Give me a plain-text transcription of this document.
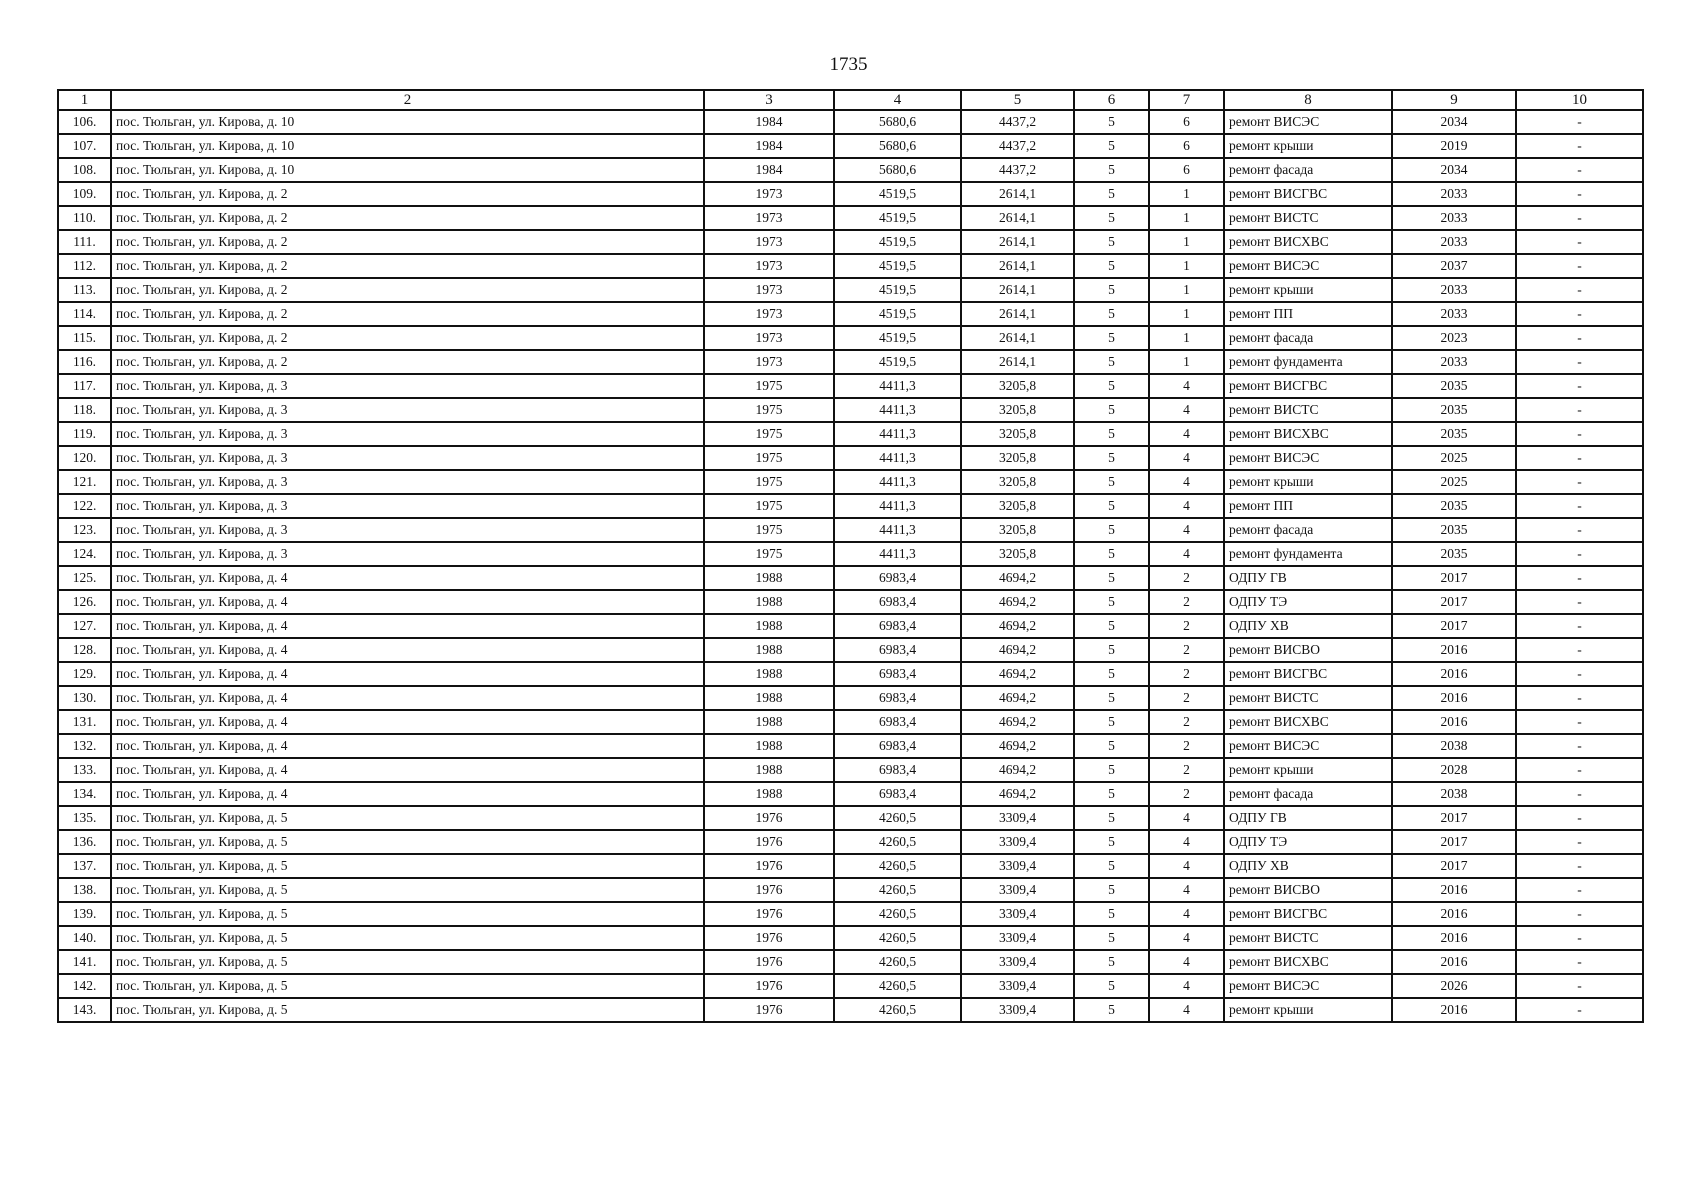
1735
1	2	3	4	5	6	7	8	9	10
106.	пос. Тюльган, ул. Кирова, д. 10	1984	5680,6	4437,2	5	6	ремонт ВИСЭС	2034	-
107.	пос. Тюльган, ул. Кирова, д. 10	1984	5680,6	4437,2	5	6	ремонт крыши	2019	-
108.	пос. Тюльган, ул. Кирова, д. 10	1984	5680,6	4437,2	5	6	ремонт фасада	2034	-
109.	пос. Тюльган, ул. Кирова, д. 2	1973	4519,5	2614,1	5	1	ремонт ВИСГВС	2033	-
110.	пос. Тюльган, ул. Кирова, д. 2	1973	4519,5	2614,1	5	1	ремонт ВИСТС	2033	-
111.	пос. Тюльган, ул. Кирова, д. 2	1973	4519,5	2614,1	5	1	ремонт ВИСХВС	2033	-
112.	пос. Тюльган, ул. Кирова, д. 2	1973	4519,5	2614,1	5	1	ремонт ВИСЭС	2037	-
113.	пос. Тюльган, ул. Кирова, д. 2	1973	4519,5	2614,1	5	1	ремонт крыши	2033	-
114.	пос. Тюльган, ул. Кирова, д. 2	1973	4519,5	2614,1	5	1	ремонт ПП	2033	-
115.	пос. Тюльган, ул. Кирова, д. 2	1973	4519,5	2614,1	5	1	ремонт фасада	2023	-
116.	пос. Тюльган, ул. Кирова, д. 2	1973	4519,5	2614,1	5	1	ремонт фундамента	2033	-
117.	пос. Тюльган, ул. Кирова, д. 3	1975	4411,3	3205,8	5	4	ремонт ВИСГВС	2035	-
118.	пос. Тюльган, ул. Кирова, д. 3	1975	4411,3	3205,8	5	4	ремонт ВИСТС	2035	-
119.	пос. Тюльган, ул. Кирова, д. 3	1975	4411,3	3205,8	5	4	ремонт ВИСХВС	2035	-
120.	пос. Тюльган, ул. Кирова, д. 3	1975	4411,3	3205,8	5	4	ремонт ВИСЭС	2025	-
121.	пос. Тюльган, ул. Кирова, д. 3	1975	4411,3	3205,8	5	4	ремонт крыши	2025	-
122.	пос. Тюльган, ул. Кирова, д. 3	1975	4411,3	3205,8	5	4	ремонт ПП	2035	-
123.	пос. Тюльган, ул. Кирова, д. 3	1975	4411,3	3205,8	5	4	ремонт фасада	2035	-
124.	пос. Тюльган, ул. Кирова, д. 3	1975	4411,3	3205,8	5	4	ремонт фундамента	2035	-
125.	пос. Тюльган, ул. Кирова, д. 4	1988	6983,4	4694,2	5	2	ОДПУ ГВ	2017	-
126.	пос. Тюльган, ул. Кирова, д. 4	1988	6983,4	4694,2	5	2	ОДПУ ТЭ	2017	-
127.	пос. Тюльган, ул. Кирова, д. 4	1988	6983,4	4694,2	5	2	ОДПУ ХВ	2017	-
128.	пос. Тюльган, ул. Кирова, д. 4	1988	6983,4	4694,2	5	2	ремонт ВИСВО	2016	-
129.	пос. Тюльган, ул. Кирова, д. 4	1988	6983,4	4694,2	5	2	ремонт ВИСГВС	2016	-
130.	пос. Тюльган, ул. Кирова, д. 4	1988	6983,4	4694,2	5	2	ремонт ВИСТС	2016	-
131.	пос. Тюльган, ул. Кирова, д. 4	1988	6983,4	4694,2	5	2	ремонт ВИСХВС	2016	-
132.	пос. Тюльган, ул. Кирова, д. 4	1988	6983,4	4694,2	5	2	ремонт ВИСЭС	2038	-
133.	пос. Тюльган, ул. Кирова, д. 4	1988	6983,4	4694,2	5	2	ремонт крыши	2028	-
134.	пос. Тюльган, ул. Кирова, д. 4	1988	6983,4	4694,2	5	2	ремонт фасада	2038	-
135.	пос. Тюльган, ул. Кирова, д. 5	1976	4260,5	3309,4	5	4	ОДПУ ГВ	2017	-
136.	пос. Тюльган, ул. Кирова, д. 5	1976	4260,5	3309,4	5	4	ОДПУ ТЭ	2017	-
137.	пос. Тюльган, ул. Кирова, д. 5	1976	4260,5	3309,4	5	4	ОДПУ ХВ	2017	-
138.	пос. Тюльган, ул. Кирова, д. 5	1976	4260,5	3309,4	5	4	ремонт ВИСВО	2016	-
139.	пос. Тюльган, ул. Кирова, д. 5	1976	4260,5	3309,4	5	4	ремонт ВИСГВС	2016	-
140.	пос. Тюльган, ул. Кирова, д. 5	1976	4260,5	3309,4	5	4	ремонт ВИСТС	2016	-
141.	пос. Тюльган, ул. Кирова, д. 5	1976	4260,5	3309,4	5	4	ремонт ВИСХВС	2016	-
142.	пос. Тюльган, ул. Кирова, д. 5	1976	4260,5	3309,4	5	4	ремонт ВИСЭС	2026	-
143.	пос. Тюльган, ул. Кирова, д. 5	1976	4260,5	3309,4	5	4	ремонт крыши	2016	-
